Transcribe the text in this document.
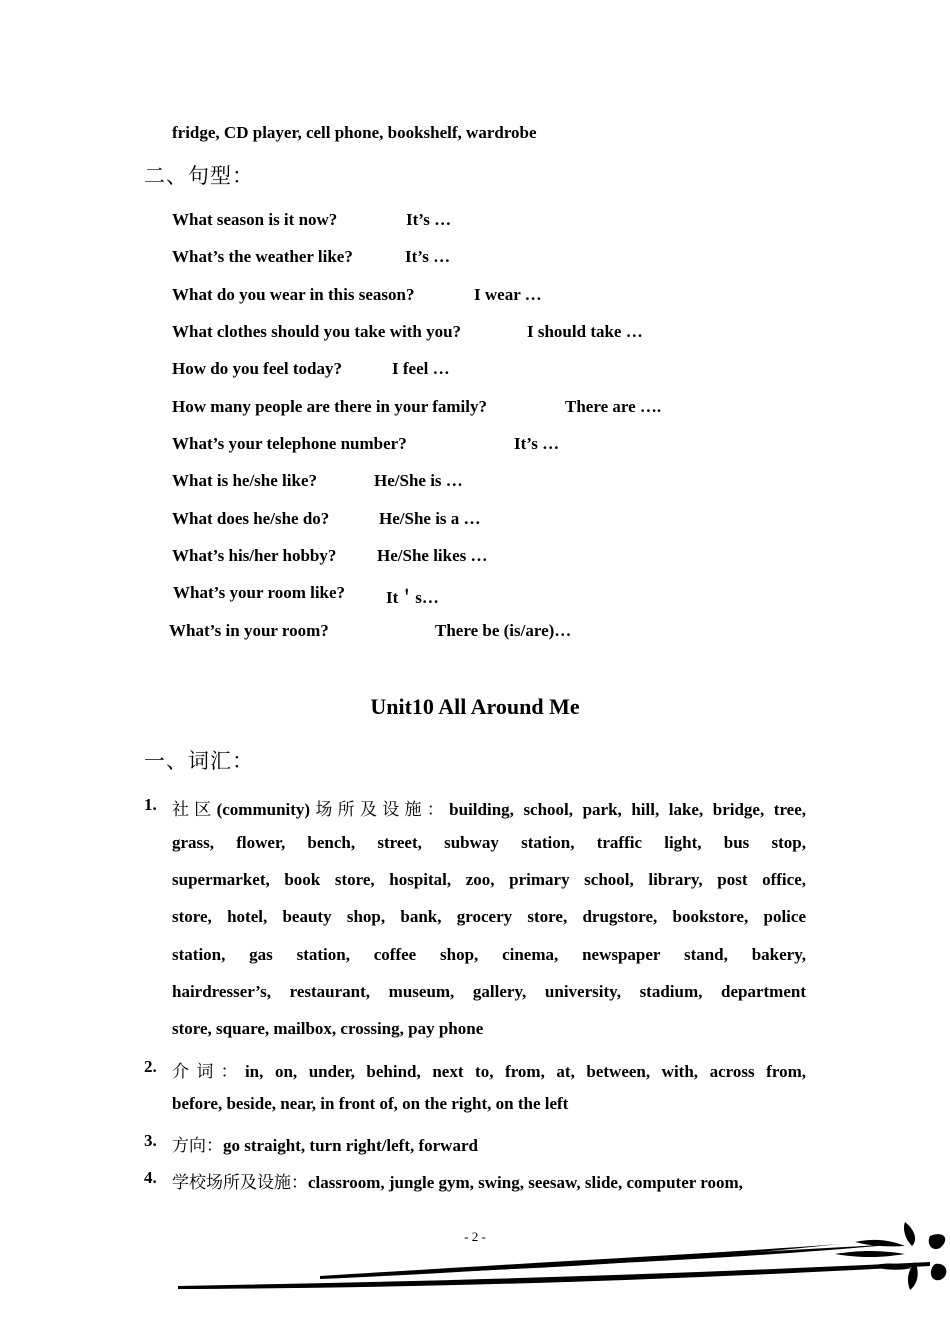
fridge, CD player, cell phone, bookshelf, wardrobe
二、句型：
What season is it now?	It’s …
What’s the weather like?	It’s …
What do you wear in this season?	I wear …
What clothes should you take with you?	I should take …
How do you feel today?	I feel …
How many people are there in your family?	There are ….
What’s your telephone number?	It’s …
What is he/she like?	He/She is …
What does he/she do?	He/She is a …
What’s his/her hobby? He/She likes …
What’s your room like? It＇s…
What’s in your room?	There be (is/are)…
Unit10 All Around Me
一、词汇：
1. 社区(community)场所及设施：building, school, park, hill, lake, bridge, tree,
grass, flower, bench, street, subway station, traffic light, bus stop,
supermarket, book store, hospital, zoo, primary school, library, post office,
store, hotel, beauty shop, bank, grocery store, drugstore, bookstore, police
station, gas station, coffee shop, cinema, newspaper stand, bakery,
hairdresser’s, restaurant, museum, gallery, university, stadium, department
store, square, mailbox, crossing, pay phone
2. 介词：in, on, under, behind, next to, from, at, between, with, across from,
before, beside, near, in front of, on the right, on the left
3. 方向：go straight, turn right/left, forward
4. 学校场所及设施：classroom, jungle gym, swing, seesaw, slide, computer room,
- 2 -
